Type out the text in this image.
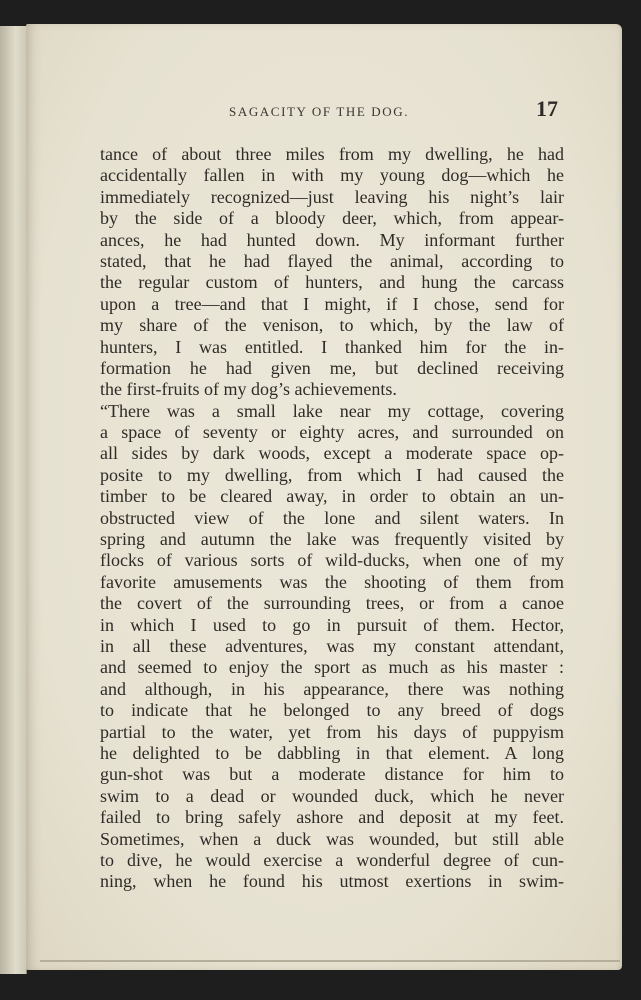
SAGACITY OF THE DOG.	17
tance of about three miles from my dwelling, he had
accidentally fallen in with my young dog—which he
immediately recognized—just leaving his night’s lair
by the side of a bloody deer, which, from appear-
ances, he had hunted down. My informant further
stated, that he had flayed the animal, according to
the regular custom of hunters, and hung the carcass
upon a tree—and that I might, if I chose, send for
my share of the venison, to which, by the law of
hunters, I was entitled. I thanked him for the in-
formation he had given me, but declined receiving
the first-fruits of my dog’s achievements.
“There was a small lake near my cottage, covering
a space of seventy or eighty acres, and surrounded on
all sides by dark woods, except a moderate space op-
posite to my dwelling, from which I had caused the
timber to be cleared away, in order to obtain an un-
obstructed view of the lone and silent waters. In
spring and autumn the lake was frequently visited by
flocks of various sorts of wild-ducks, when one of my
favorite amusements was the shooting of them from
the covert of the surrounding trees, or from a canoe
in which I used to go in pursuit of them. Hector,
in all these adventures, was my constant attendant,
and seemed to enjoy the sport as much as his master :
and although, in his appearance, there was nothing
to indicate that he belonged to any breed of dogs
partial to the water, yet from his days of puppyism
he delighted to be dabbling in that element. A long
gun-shot was but a moderate distance for him to
swim to a dead or wounded duck, which he never
failed to bring safely ashore and deposit at my feet.
Sometimes, when a duck was wounded, but still able
to dive, he would exercise a wonderful degree of cun-
ning, when he found his utmost exertions in swim-
